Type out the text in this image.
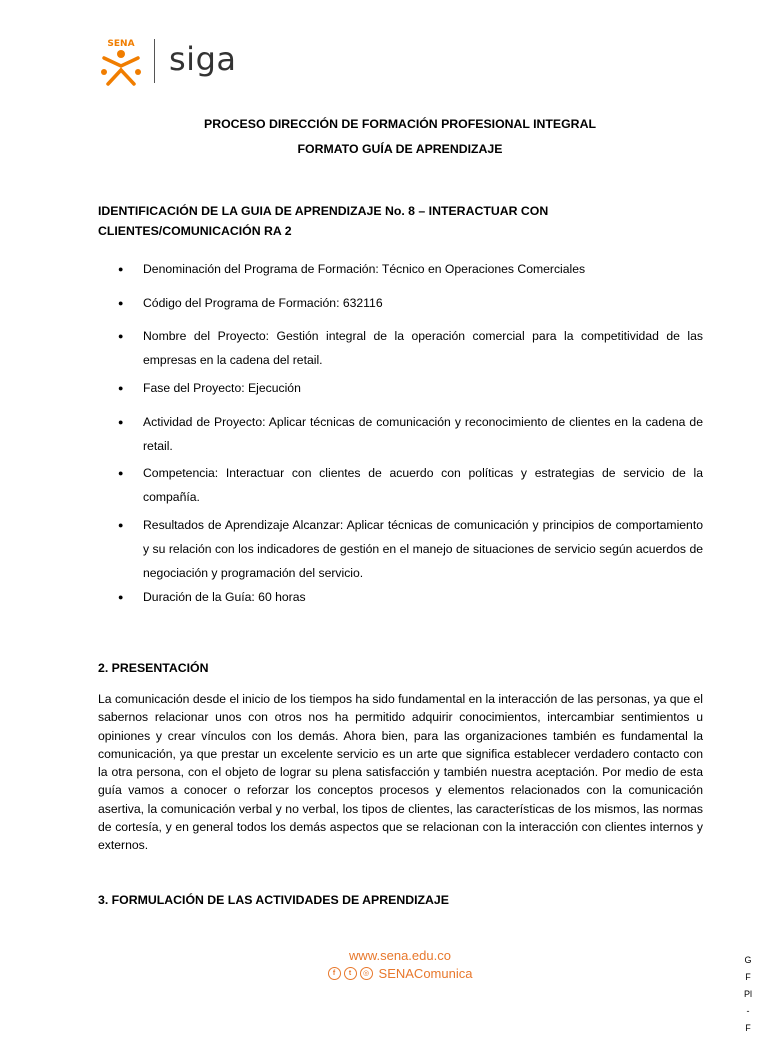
SENA siga
PROCESO DIRECCIÓN DE FORMACIÓN PROFESIONAL INTEGRAL
FORMATO GUÍA DE APRENDIZAJE
IDENTIFICACIÓN DE LA GUIA DE APRENDIZAJE No. 8 – INTERACTUAR CON CLIENTES/COMUNICACIÓN RA 2
●	Denominación del Programa de Formación: Técnico en Operaciones Comerciales
●	Código del Programa de Formación: 632116
●	Nombre del Proyecto: Gestión integral de la operación comercial para la competitividad de las empresas en la cadena del retail.
●	Fase del Proyecto: Ejecución
●	Actividad de Proyecto: Aplicar técnicas de comunicación y reconocimiento de clientes en la cadena de retail.
●	Competencia: Interactuar con clientes de acuerdo con políticas y estrategias de servicio de la compañía.
●	Resultados de Aprendizaje Alcanzar: Aplicar técnicas de comunicación y principios de comportamiento y su relación con los indicadores de gestión en el manejo de situaciones de servicio según acuerdos de negociación y programación del servicio.
●	Duración de la Guía: 60 horas
2. PRESENTACIÓN
La comunicación desde el inicio de los tiempos ha sido fundamental en la interacción de las personas, ya que el sabernos relacionar unos con otros nos ha permitido adquirir conocimientos, intercambiar sentimientos u opiniones y crear vínculos con los demás. Ahora bien, para las organizaciones también es fundamental la comunicación, ya que prestar un excelente servicio es un arte que significa establecer verdadero contacto con la otra persona, con el objeto de lograr su plena satisfacción y también nuestra aceptación. Por medio de esta guía vamos a conocer o reforzar los conceptos procesos y elementos relacionados con la comunicación asertiva, la comunicación verbal y no verbal, los tipos de clientes, las características de los mismos, las normas de cortesía, y en general todos los demás aspectos que se relacionan con la interacción con clientes internos y externos.
3. FORMULACIÓN DE LAS ACTIVIDADES DE APRENDIZAJE
www.sena.edu.co
f	t	◎ SENAComunica
G
F
Pl
-
F
